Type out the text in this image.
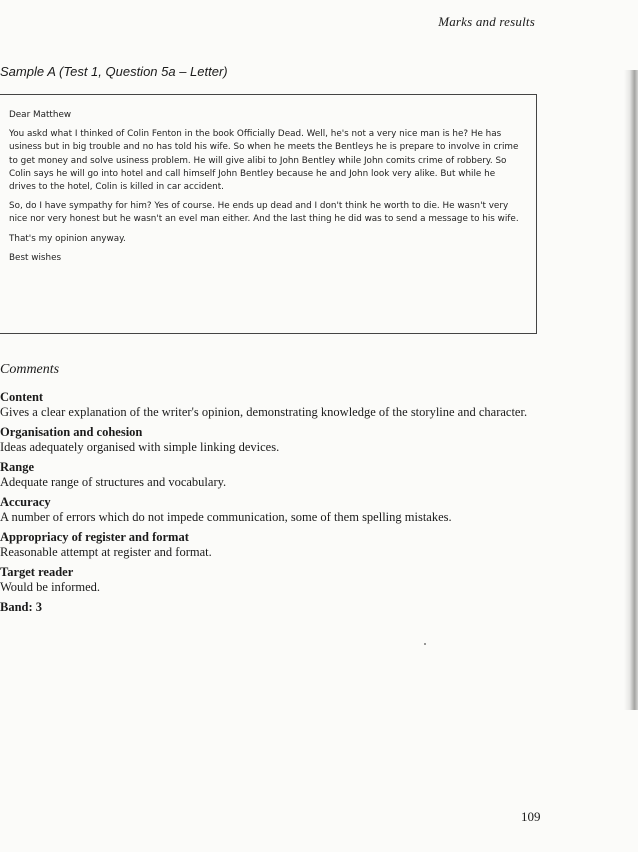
Marks and results
Sample A (Test 1, Question 5a – Letter)

Dear Matthew

You askd what I thinked of Colin Fenton in the book Officially Dead. Well, he's not a very nice man is he? He has usiness but in big trouble and no has told his wife. So when he meets the Bentleys he is prepare to involve in crime to get money and solve usiness problem. He will give alibi to John Bentley while John comits crime of robbery. So Colin says he will go into hotel and call himself John Bentley because he and John look very alike. But while he drives to the hotel, Colin is killed in car accident.

So, do I have sympathy for him? Yes of course. He ends up dead and I don't think he worth to die. He wasn't very nice nor very honest but he wasn't an evel man either. And the last thing he did was to send a message to his wife.

That's my opinion anyway.

Best wishes

Comments
Content
Gives a clear explanation of the writer's opinion, demonstrating knowledge of the storyline and character.
Organisation and cohesion
Ideas adequately organised with simple linking devices.
Range
Adequate range of structures and vocabulary.
Accuracy
A number of errors which do not impede communication, some of them spelling mistakes.
Appropriacy of register and format
Reasonable attempt at register and format.
Target reader
Would be informed.
Band: 3
109
